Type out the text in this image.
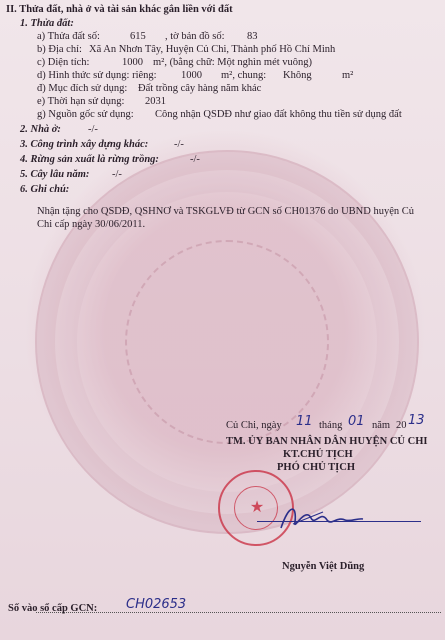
II. Thửa đất, nhà ở và tài sản khác gắn liền với đất
1. Thửa đất:
a) Thửa đất số:	615 , tờ bản đồ số: 83
b) Địa chỉ: Xã An Nhơn Tây, Huyện Củ Chi, Thành phố Hồ Chí Minh
c) Diện tích:	1000 m², (bằng chữ: Một nghìn mét vuông)
d) Hình thức sử dụng: riêng: 1000 m², chung: Không	m²
đ) Mục đích sử dụng: Đất trồng cây hàng năm khác
e) Thời hạn sử dụng: 2031
g) Nguồn gốc sử dụng: Công nhận QSDĐ như giao đất không thu tiền sử dụng đất
2. Nhà ở:	-/-
3. Công trình xây dựng khác: -/-
4. Rừng sản xuất là rừng trồng:	-/-
5. Cây lâu năm: -/-
6. Ghi chú:
Nhận tặng cho QSDĐ, QSHNƠ và TSKGLVĐ từ GCN số CH01376 do UBND huyện Củ
Chi cấp ngày 30/06/2011.
Củ Chi, ngày 11 tháng 01 năm 20 13
TM. ỦY BAN NHÂN DÂN HUYỆN CỦ CHI
KT.CHỦ TỊCH
PHÓ CHỦ TỊCH
★
Nguyễn Việt Dũng
Số vào sổ cấp GCN: CH02653
